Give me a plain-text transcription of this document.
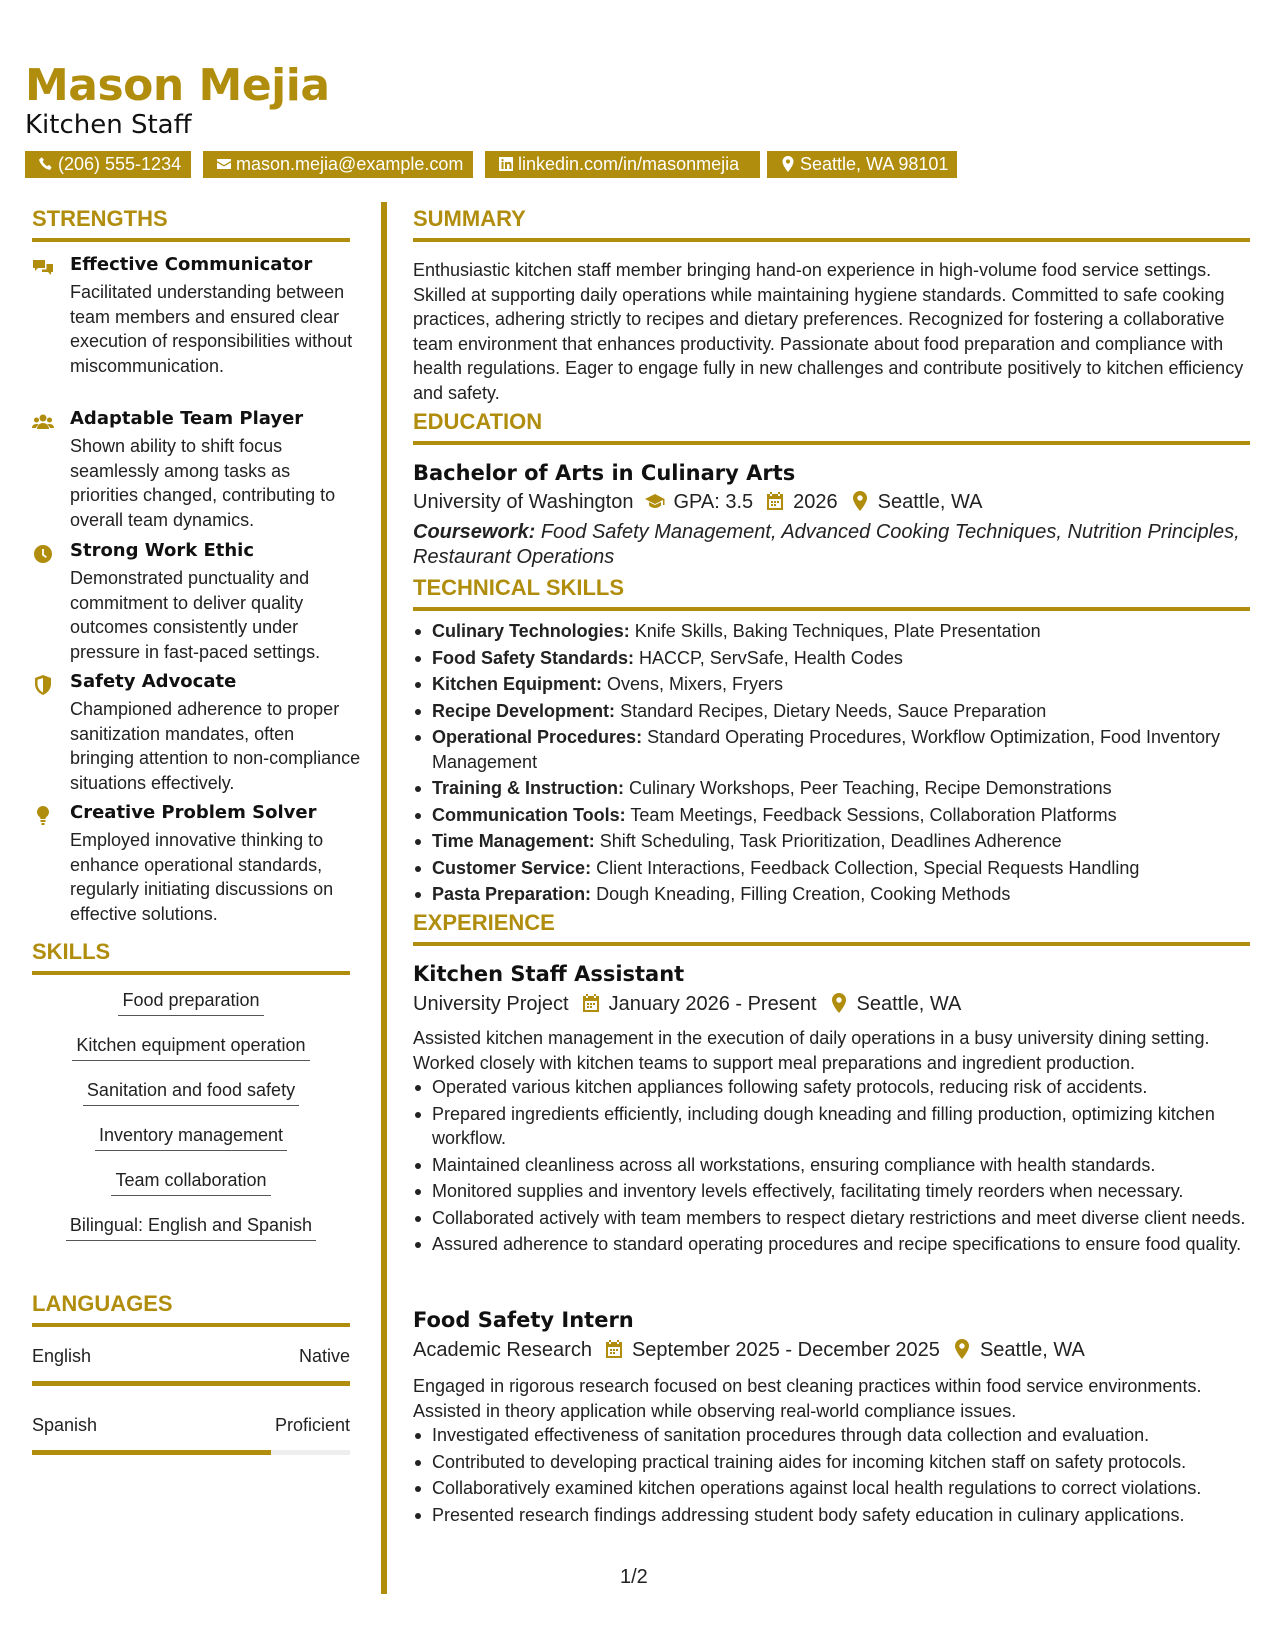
Mason Mejia
Kitchen Staff
(206) 555-1234	mason.mejia@example.com	linkedin.com/in/masonmejia	Seattle, WA 98101
STRENGTHS
Effective Communicator
Facilitated understanding between team members and ensured clear execution of responsibilities without miscommunication.
Adaptable Team Player
Shown ability to shift focus seamlessly among tasks as priorities changed, contributing to overall team dynamics.
Strong Work Ethic
Demonstrated punctuality and commitment to deliver quality outcomes consistently under pressure in fast-paced settings.
Safety Advocate
Championed adherence to proper sanitization mandates, often bringing attention to non-compliance situations effectively.
Creative Problem Solver
Employed innovative thinking to enhance operational standards, regularly initiating discussions on effective solutions.
SKILLS
Food preparation
Kitchen equipment operation
Sanitation and food safety
Inventory management
Team collaboration
Bilingual: English and Spanish
LANGUAGES
English	Native
Spanish	Proficient
SUMMARY
Enthusiastic kitchen staff member bringing hand-on experience in high-volume food service settings. Skilled at supporting daily operations while maintaining hygiene standards. Committed to safe cooking practices, adhering strictly to recipes and dietary preferences. Recognized for fostering a collaborative team environment that enhances productivity. Passionate about food preparation and compliance with health regulations. Eager to engage fully in new challenges and contribute positively to kitchen efficiency and safety.
EDUCATION
Bachelor of Arts in Culinary Arts
University of Washington GPA: 3.5 2026 Seattle, WA
Coursework: Food Safety Management, Advanced Cooking Techniques, Nutrition Principles, Restaurant Operations
TECHNICAL SKILLS
Culinary Technologies: Knife Skills, Baking Techniques, Plate Presentation
Food Safety Standards: HACCP, ServSafe, Health Codes
Kitchen Equipment: Ovens, Mixers, Fryers
Recipe Development: Standard Recipes, Dietary Needs, Sauce Preparation
Operational Procedures: Standard Operating Procedures, Workflow Optimization, Food Inventory Management
Training & Instruction: Culinary Workshops, Peer Teaching, Recipe Demonstrations
Communication Tools: Team Meetings, Feedback Sessions, Collaboration Platforms
Time Management: Shift Scheduling, Task Prioritization, Deadlines Adherence
Customer Service: Client Interactions, Feedback Collection, Special Requests Handling
Pasta Preparation: Dough Kneading, Filling Creation, Cooking Methods
EXPERIENCE
Kitchen Staff Assistant
University Project January 2026 - Present Seattle, WA
Assisted kitchen management in the execution of daily operations in a busy university dining setting. Worked closely with kitchen teams to support meal preparations and ingredient production.
Operated various kitchen appliances following safety protocols, reducing risk of accidents.
Prepared ingredients efficiently, including dough kneading and filling production, optimizing kitchen workflow.
Maintained cleanliness across all workstations, ensuring compliance with health standards.
Monitored supplies and inventory levels effectively, facilitating timely reorders when necessary.
Collaborated actively with team members to respect dietary restrictions and meet diverse client needs.
Assured adherence to standard operating procedures and recipe specifications to ensure food quality.
Food Safety Intern
Academic Research September 2025 - December 2025 Seattle, WA
Engaged in rigorous research focused on best cleaning practices within food service environments. Assisted in theory application while observing real-world compliance issues.
Investigated effectiveness of sanitation procedures through data collection and evaluation.
Contributed to developing practical training aides for incoming kitchen staff on safety protocols.
Collaboratively examined kitchen operations against local health regulations to correct violations.
Presented research findings addressing student body safety education in culinary applications.
1/2
